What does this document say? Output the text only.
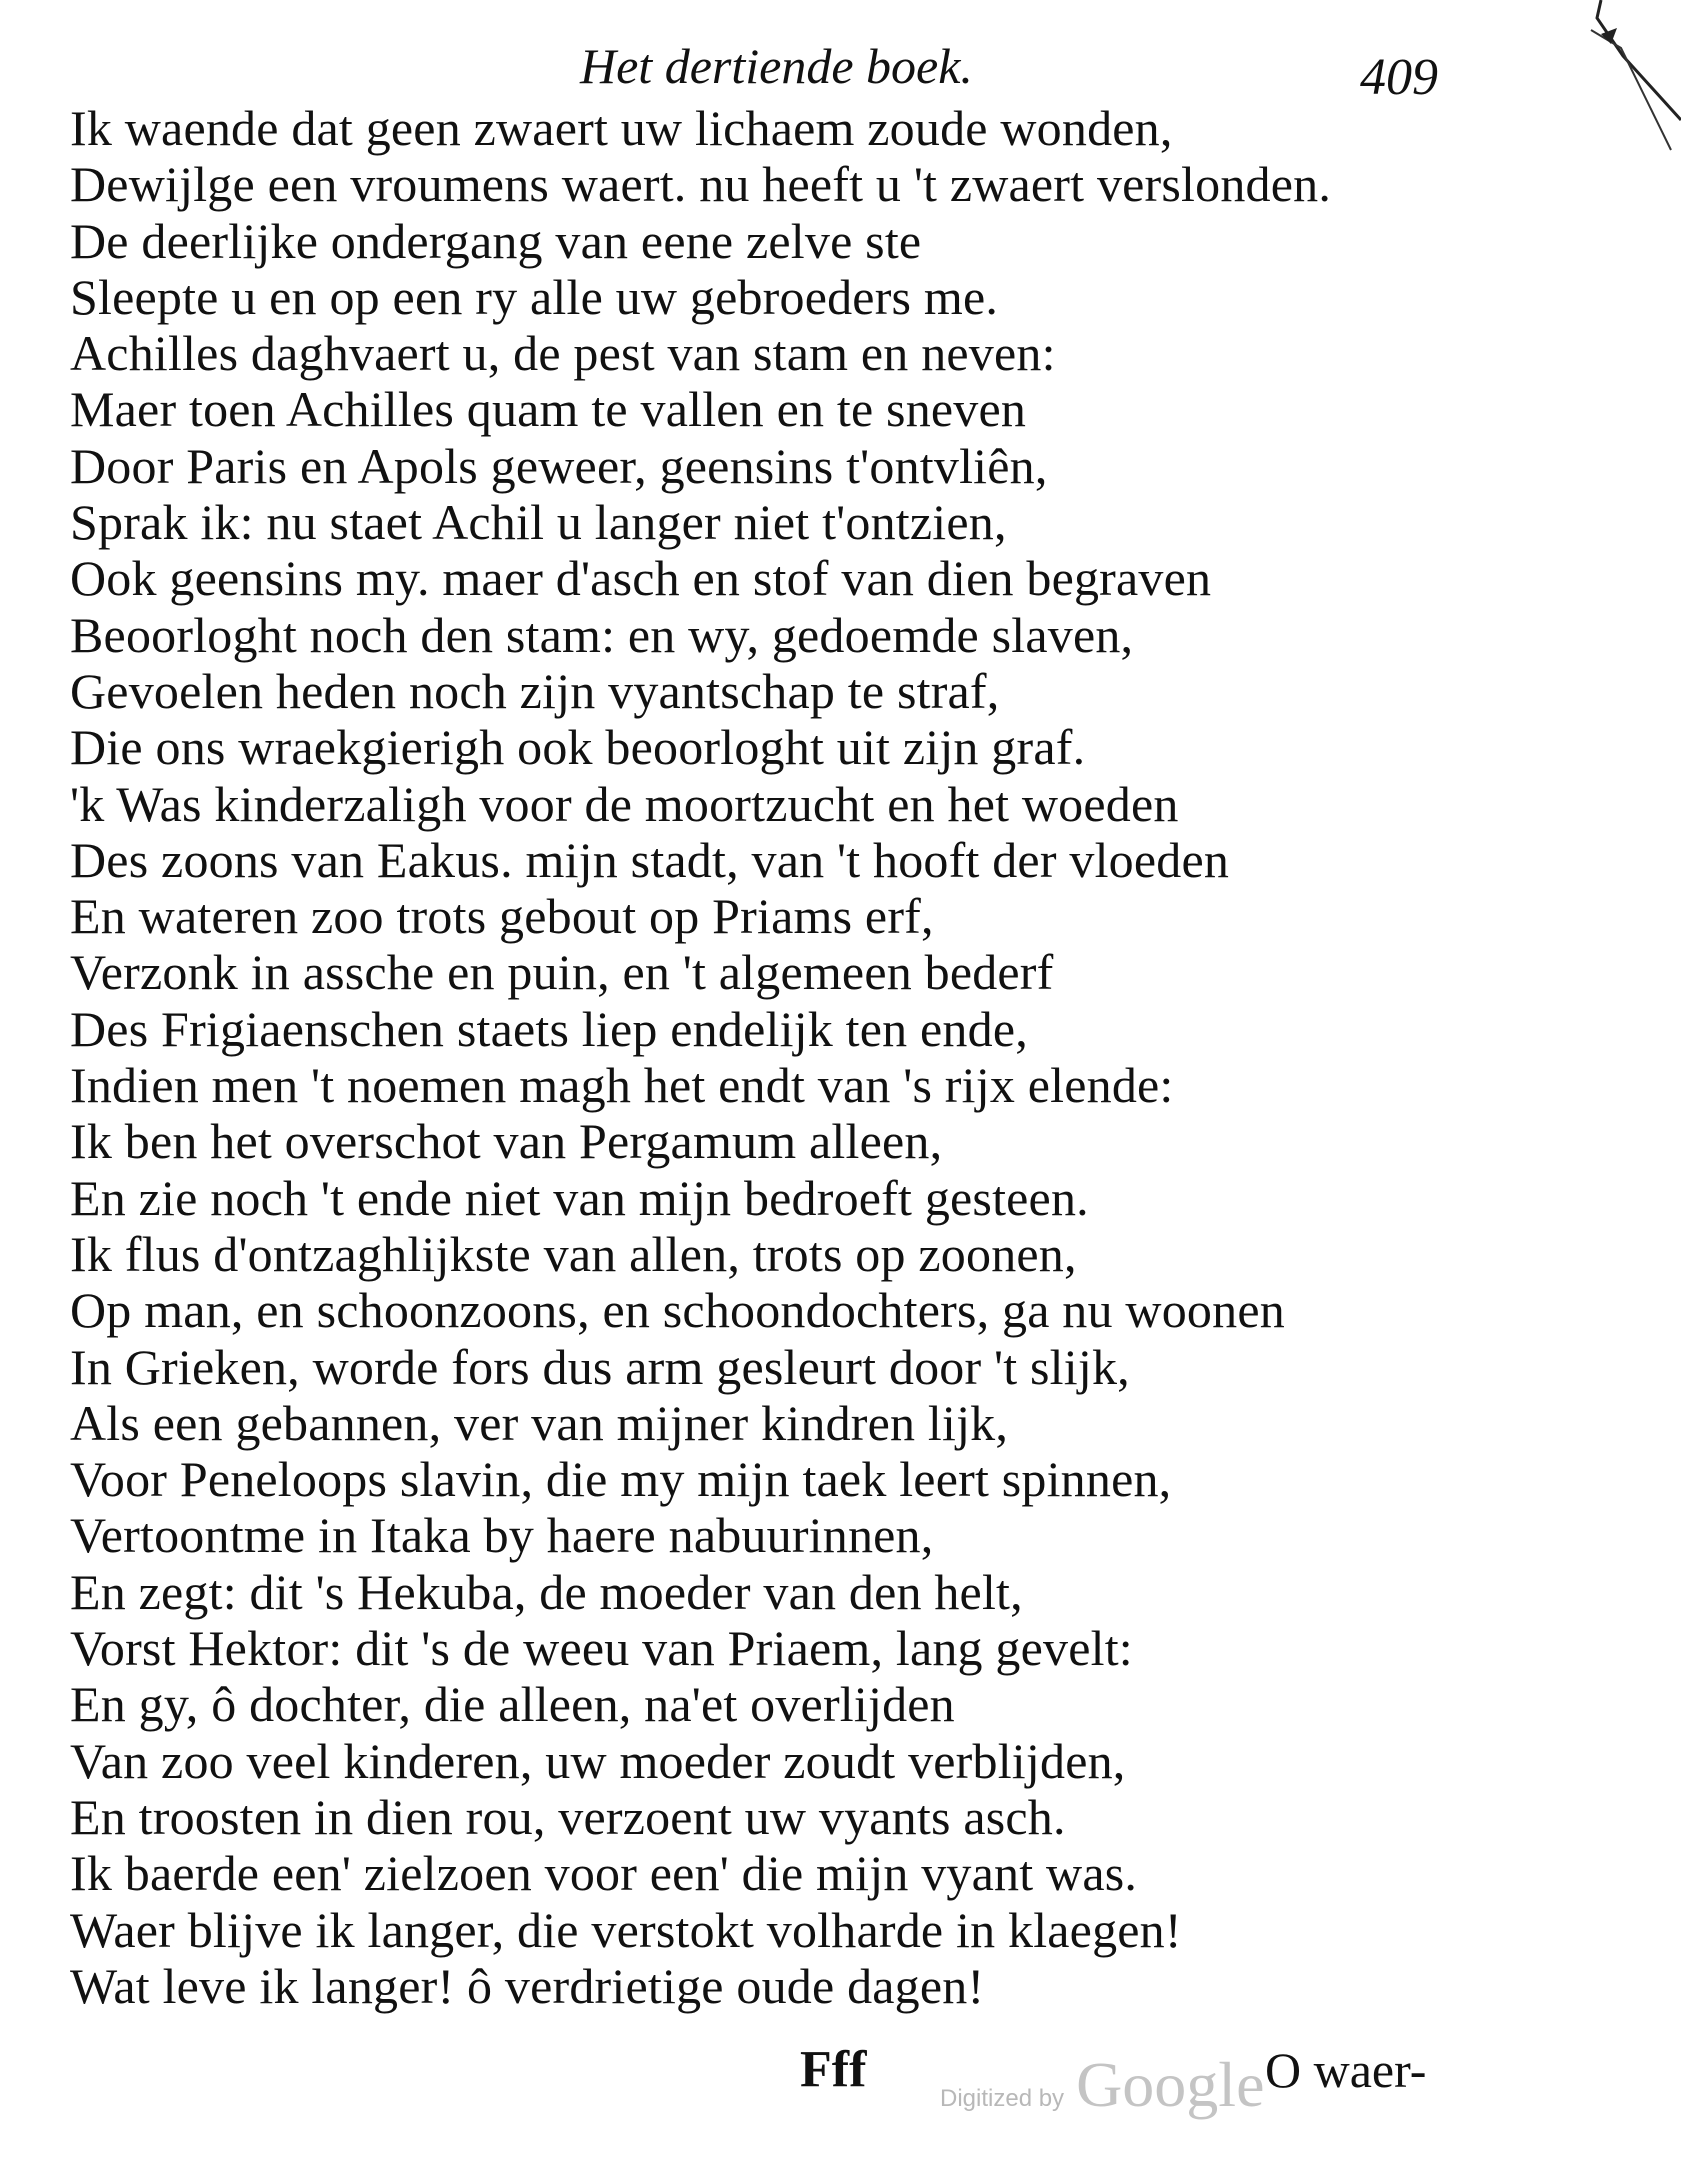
Het dertiende boek.	409
Ik waende dat geen zwaert uw lichaem zoude wonden,
Dewijlge een vroumens waert. nu heeft u 't zwaert verslonden.
De deerlijke ondergang van eene zelve ste
Sleepte u en op een ry alle uw gebroeders me.
Achilles daghvaert u, de pest van stam en neven:
Maer toen Achilles quam te vallen en te sneven
Door Paris en Apols geweer, geensins t'ontvliên,
Sprak ik: nu staet Achil u langer niet t'ontzien,
Ook geensins my. maer d'asch en stof van dien begraven
Beoorloght noch den stam: en wy, gedoemde slaven,
Gevoelen heden noch zijn vyantschap te straf,
Die ons wraekgierigh ook beoorloght uit zijn graf.
'k Was kinderzaligh voor de moortzucht en het woeden
Des zoons van Eakus. mijn stadt, van 't hooft der vloeden
En wateren zoo trots gebout op Priams erf,
Verzonk in assche en puin, en 't algemeen bederf
Des Frigiaenschen staets liep endelijk ten ende,
Indien men 't noemen magh het endt van 's rijx elende:
Ik ben het overschot van Pergamum alleen,
En zie noch 't ende niet van mijn bedroeft gesteen.
Ik flus d'ontzaghlijkste van allen, trots op zoonen,
Op man, en schoonzoons, en schoondochters, ga nu woonen
In Grieken, worde fors dus arm gesleurt door 't slijk,
Als een gebannen, ver van mijner kindren lijk,
Voor Peneloops slavin, die my mijn taek leert spinnen,
Vertoontme in Itaka by haere nabuurinnen,
En zegt: dit 's Hekuba, de moeder van den helt,
Vorst Hektor: dit 's de weeu van Priaem, lang gevelt:
En gy, ô dochter, die alleen, na'et overlijden
Van zoo veel kinderen, uw moeder zoudt verblijden,
En troosten in dien rou, verzoent uw vyants asch.
Ik baerde een' zielzoen voor een' die mijn vyant was.
Waer blijve ik langer, die verstokt volharde in klaegen!
Wat leve ik langer! ô verdrietige oude dagen!
Fff
Digitized by Google O waer-
